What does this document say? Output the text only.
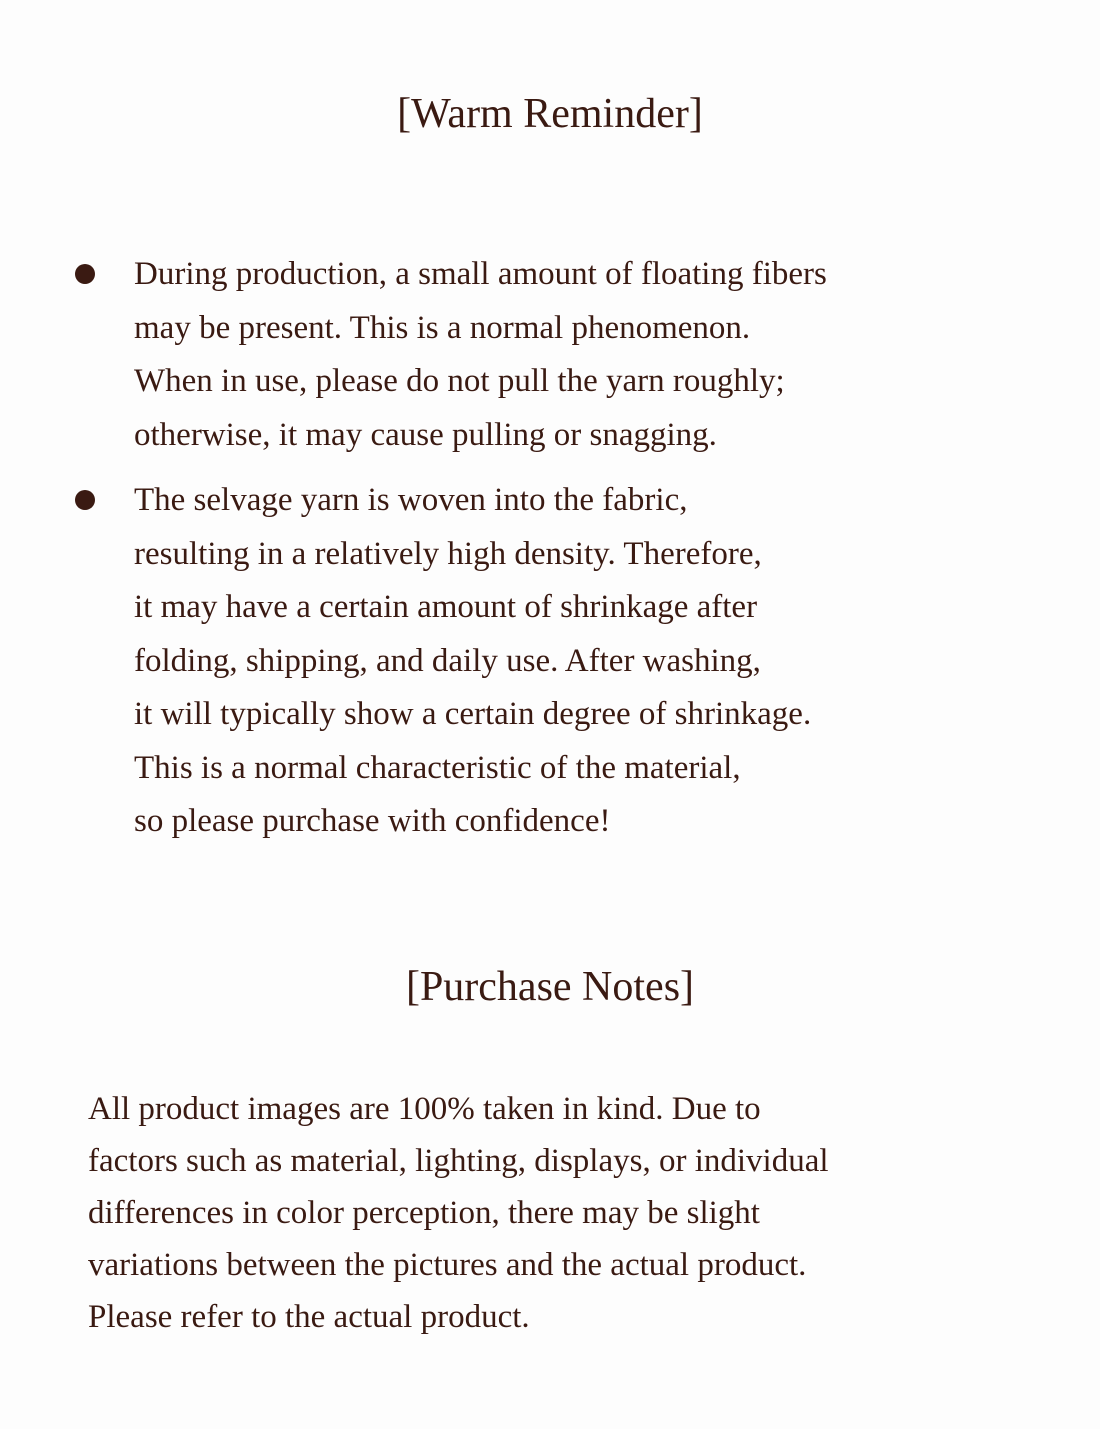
[Warm Reminder]
During production, a small amount of floating fibers
may be present. This is a normal phenomenon.
When in use, please do not pull the yarn roughly;
otherwise, it may cause pulling or snagging.
The selvage yarn is woven into the fabric,
resulting in a relatively high density. Therefore,
it may have a certain amount of shrinkage after
folding, shipping, and daily use. After washing,
it will typically show a certain degree of shrinkage.
This is a normal characteristic of the material,
so please purchase with confidence!
[Purchase Notes]
All product images are 100% taken in kind. Due to
factors such as material, lighting, displays, or individual
differences in color perception, there may be slight
variations between the pictures and the actual product.
Please refer to the actual product.
